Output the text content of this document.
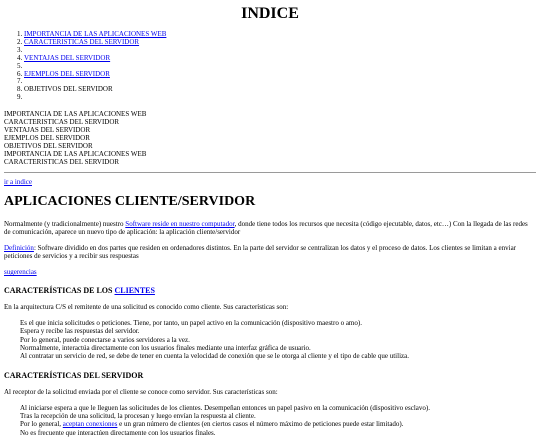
INDICE
1. IMPORTANCIA DE LAS APLICACIONES WEB
2. CARACTERISTICAS DEL SERVIDOR
3.
4. VENTAJAS DEL SERVIDOR
5.
6. EJEMPLOS DEL SERVIDOR
7.
8. OBJETIVOS DEL SERVIDOR
9.
IMPORTANCIA DE LAS APLICACIONES WEB
CARACTERISTICAS DEL SERVIDOR
VENTAJAS DEL SERVIDOR
EJEMPLOS DEL SERVIDOR
OBJETIVOS DEL SERVIDOR
IMPORTANCIA DE LAS APLICACIONES WEB
CARACTERISTICAS DEL SERVIDOR
ir a indice
APLICACIONES CLIENTE/SERVIDOR

Normalmente (y tradicionalmente) nuestro Software reside en nuestro computador, donde tiene todos los recursos que necesita (código ejecutable, datos, etc…) Con la llegada de las redes de comunicación, aparece un nuevo tipo de aplicación: la aplicación cliente/servidor

Definición: Software dividido en dos partes que residen en ordenadores distintos. En la parte del servidor se centralizan los datos y el proceso de datos. Los clientes se limitan a enviar peticiones de servicios y a recibir sus respuestas

sugerencias

CARACTERÍSTICAS DE LOS CLIENTES

En la arquitectura C/S el remitente de una solicitud es conocido como cliente. Sus características son:

Es el que inicia solicitudes o peticiones. Tiene, por tanto, un papel activo en la comunicación (dispositivo maestro o amo).
Espera y recibe las respuestas del servidor.
Por lo general, puede conectarse a varios servidores a la vez.
Normalmente, interactúa directamente con los usuarios finales mediante una interfaz gráfica de usuario.
Al contratar un servicio de red, se debe de tener en cuenta la velocidad de conexión que se le otorga al cliente y el tipo de cable que utiliza.
CARACTERÍSTICAS DEL SERVIDOR

Al receptor de la solicitud enviada por el cliente se conoce como servidor. Sus características son:

Al iniciarse espera a que le lleguen las solicitudes de los clientes. Desempeñan entonces un papel pasivo en la comunicación (dispositivo esclavo).
Tras la recepción de una solicitud, la procesan y luego envían la respuesta al cliente.
Por lo general, aceptan conexiones e un gran número de clientes (en ciertos casos el número máximo de peticiones puede estar limitado).
No es frecuente que interactúen directamente con los usuarios finales.
